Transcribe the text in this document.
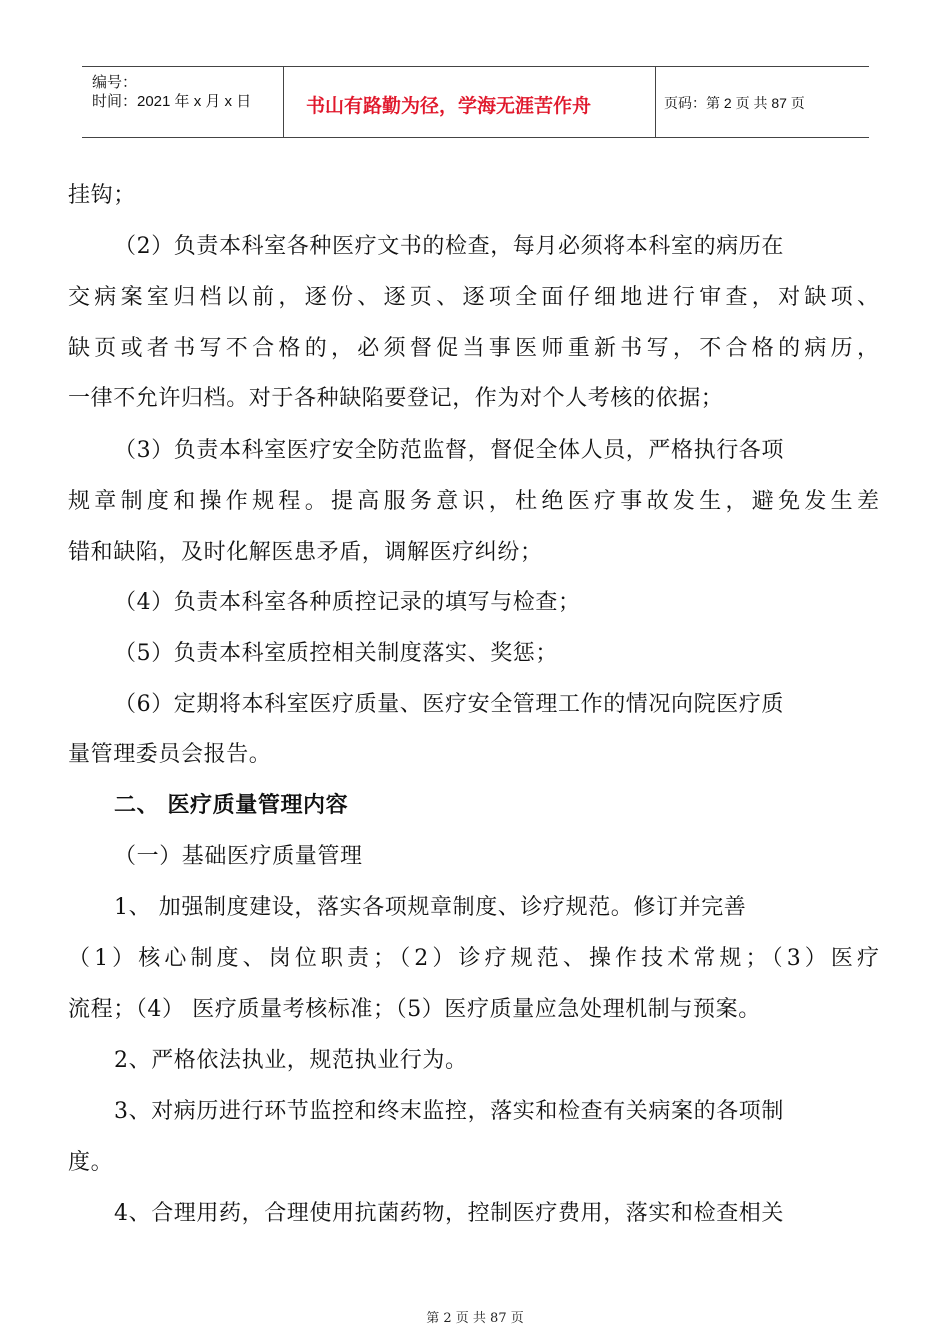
编号：
时间：2021 年 x 月 x 日	书山有路勤为径，学海无涯苦作舟	页码：第 2 页 共 87 页
挂钩；
（2）负责本科室各种医疗文书的检查，每月必须将本科室的病历在
交病案室归档以前，逐份、逐页、逐项全面仔细地进行审查，对缺项、
缺页或者书写不合格的，必须督促当事医师重新书写，不合格的病历，
一律不允许归档。对于各种缺陷要登记，作为对个人考核的依据；
（3）负责本科室医疗安全防范监督，督促全体人员，严格执行各项
规章制度和操作规程。提高服务意识，杜绝医疗事故发生，避免发生差
错和缺陷，及时化解医患矛盾，调解医疗纠纷；
（4）负责本科室各种质控记录的填写与检查；
（5）负责本科室质控相关制度落实、奖惩；
（6）定期将本科室医疗质量、医疗安全管理工作的情况向院医疗质
量管理委员会报告。
二、 医疗质量管理内容
（一）基础医疗质量管理
1、 加强制度建设，落实各项规章制度、诊疗规范。修订并完善
（1）核心制度、岗位职责；（2）诊疗规范、操作技术常规；（3）医疗
流程；（4） 医疗质量考核标准；（5）医疗质量应急处理机制与预案。
2、严格依法执业，规范执业行为。
3、对病历进行环节监控和终末监控，落实和检查有关病案的各项制
度。
4、合理用药，合理使用抗菌药物，控制医疗费用，落实和检查相关
第 2 页 共 87 页
